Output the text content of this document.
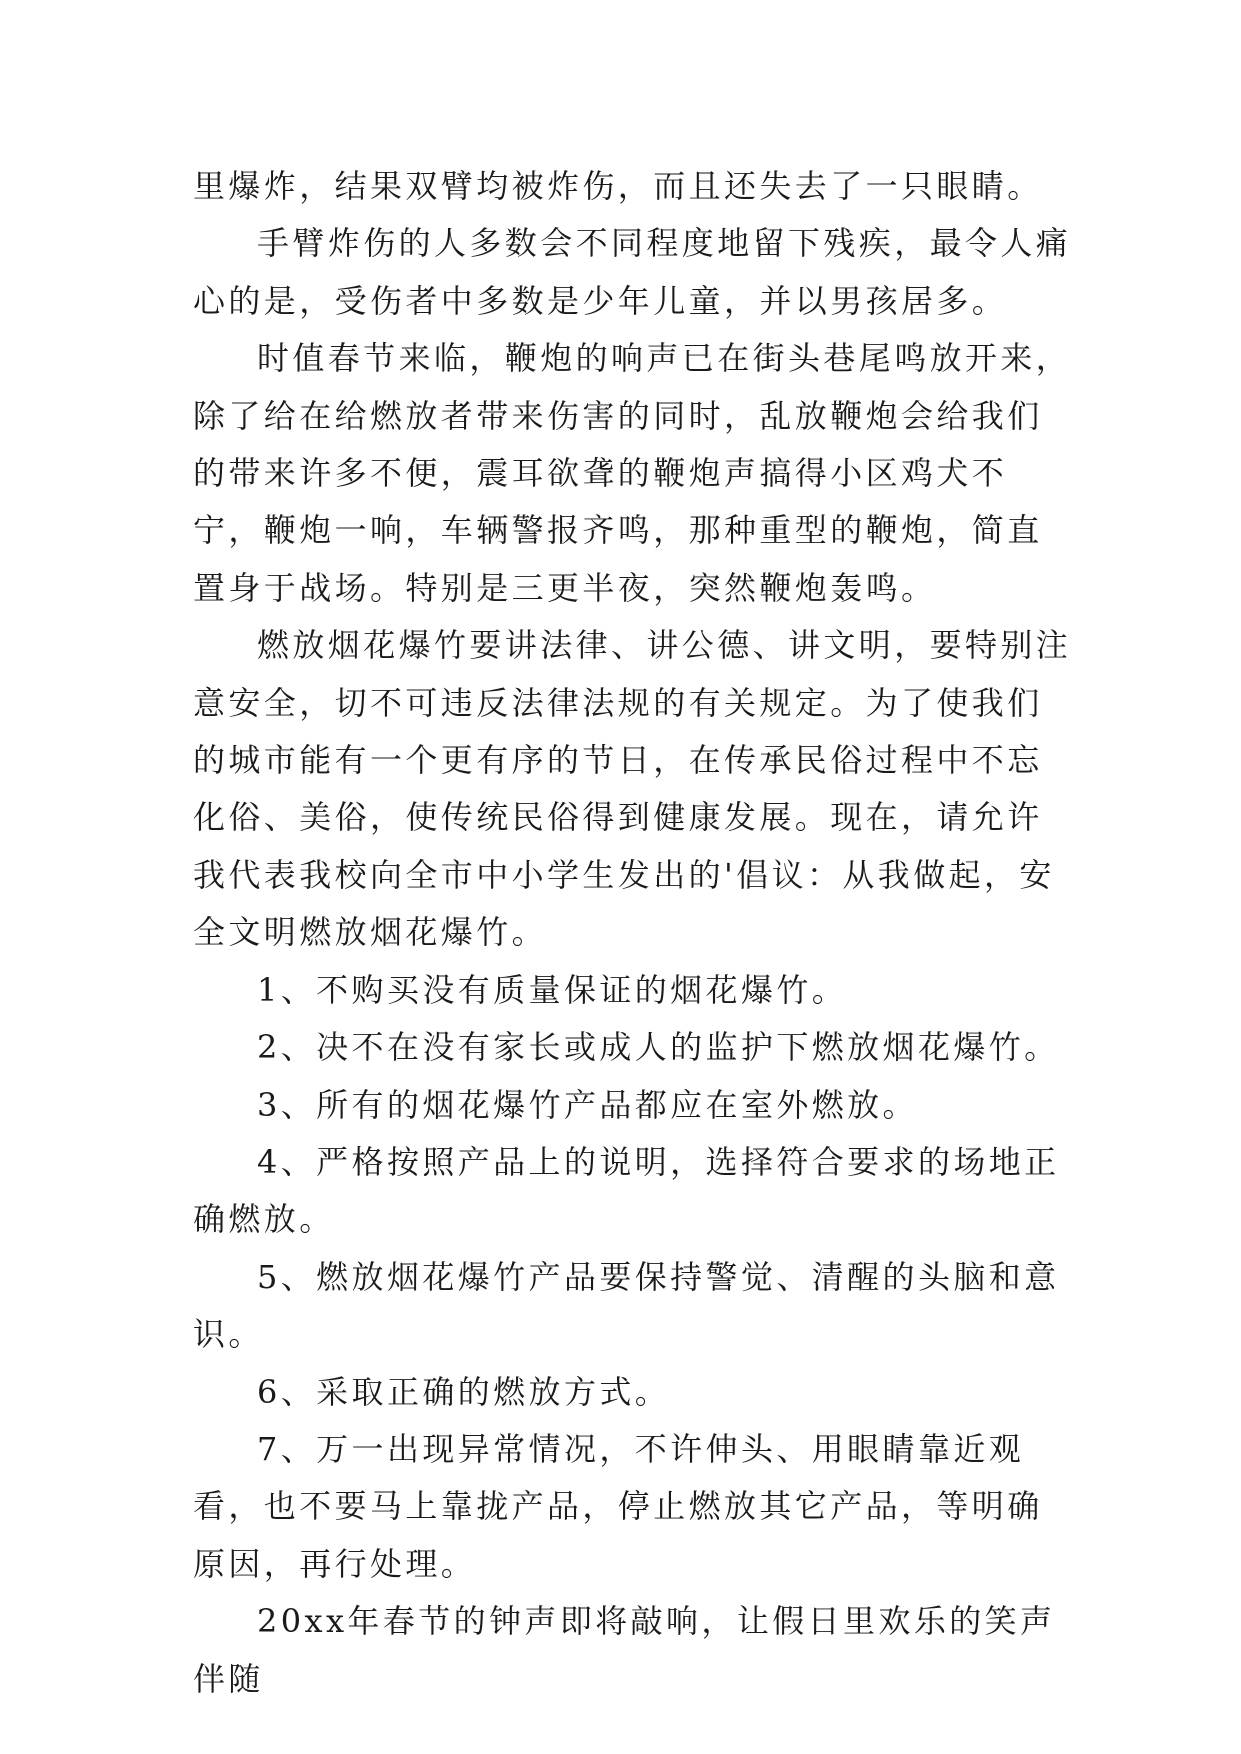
里爆炸，结果双臂均被炸伤，而且还失去了一只眼睛。

手臂炸伤的人多数会不同程度地留下残疾，最令人痛心的是，受伤者中多数是少年儿童，并以男孩居多。

时值春节来临，鞭炮的响声已在街头巷尾鸣放开来，除了给在给燃放者带来伤害的同时，乱放鞭炮会给我们的带来许多不便，震耳欲聋的鞭炮声搞得小区鸡犬不宁，鞭炮一响，车辆警报齐鸣，那种重型的鞭炮，简直置身于战场。特别是三更半夜，突然鞭炮轰鸣。

燃放烟花爆竹要讲法律、讲公德、讲文明，要特别注意安全，切不可违反法律法规的有关规定。为了使我们的城市能有一个更有序的节日，在传承民俗过程中不忘化俗、美俗，使传统民俗得到健康发展。现在，请允许我代表我校向全市中小学生发出的'倡议：从我做起，安全文明燃放烟花爆竹。

1、不购买没有质量保证的烟花爆竹。

2、决不在没有家长或成人的监护下燃放烟花爆竹。

3、所有的烟花爆竹产品都应在室外燃放。

4、严格按照产品上的说明，选择符合要求的场地正确燃放。

5、燃放烟花爆竹产品要保持警觉、清醒的头脑和意识。

6、采取正确的燃放方式。

7、万一出现异常情况，不许伸头、用眼睛靠近观看，也不要马上靠拢产品，停止燃放其它产品，等明确原因，再行处理。

20xx年春节的钟声即将敲响，让假日里欢乐的笑声伴随
